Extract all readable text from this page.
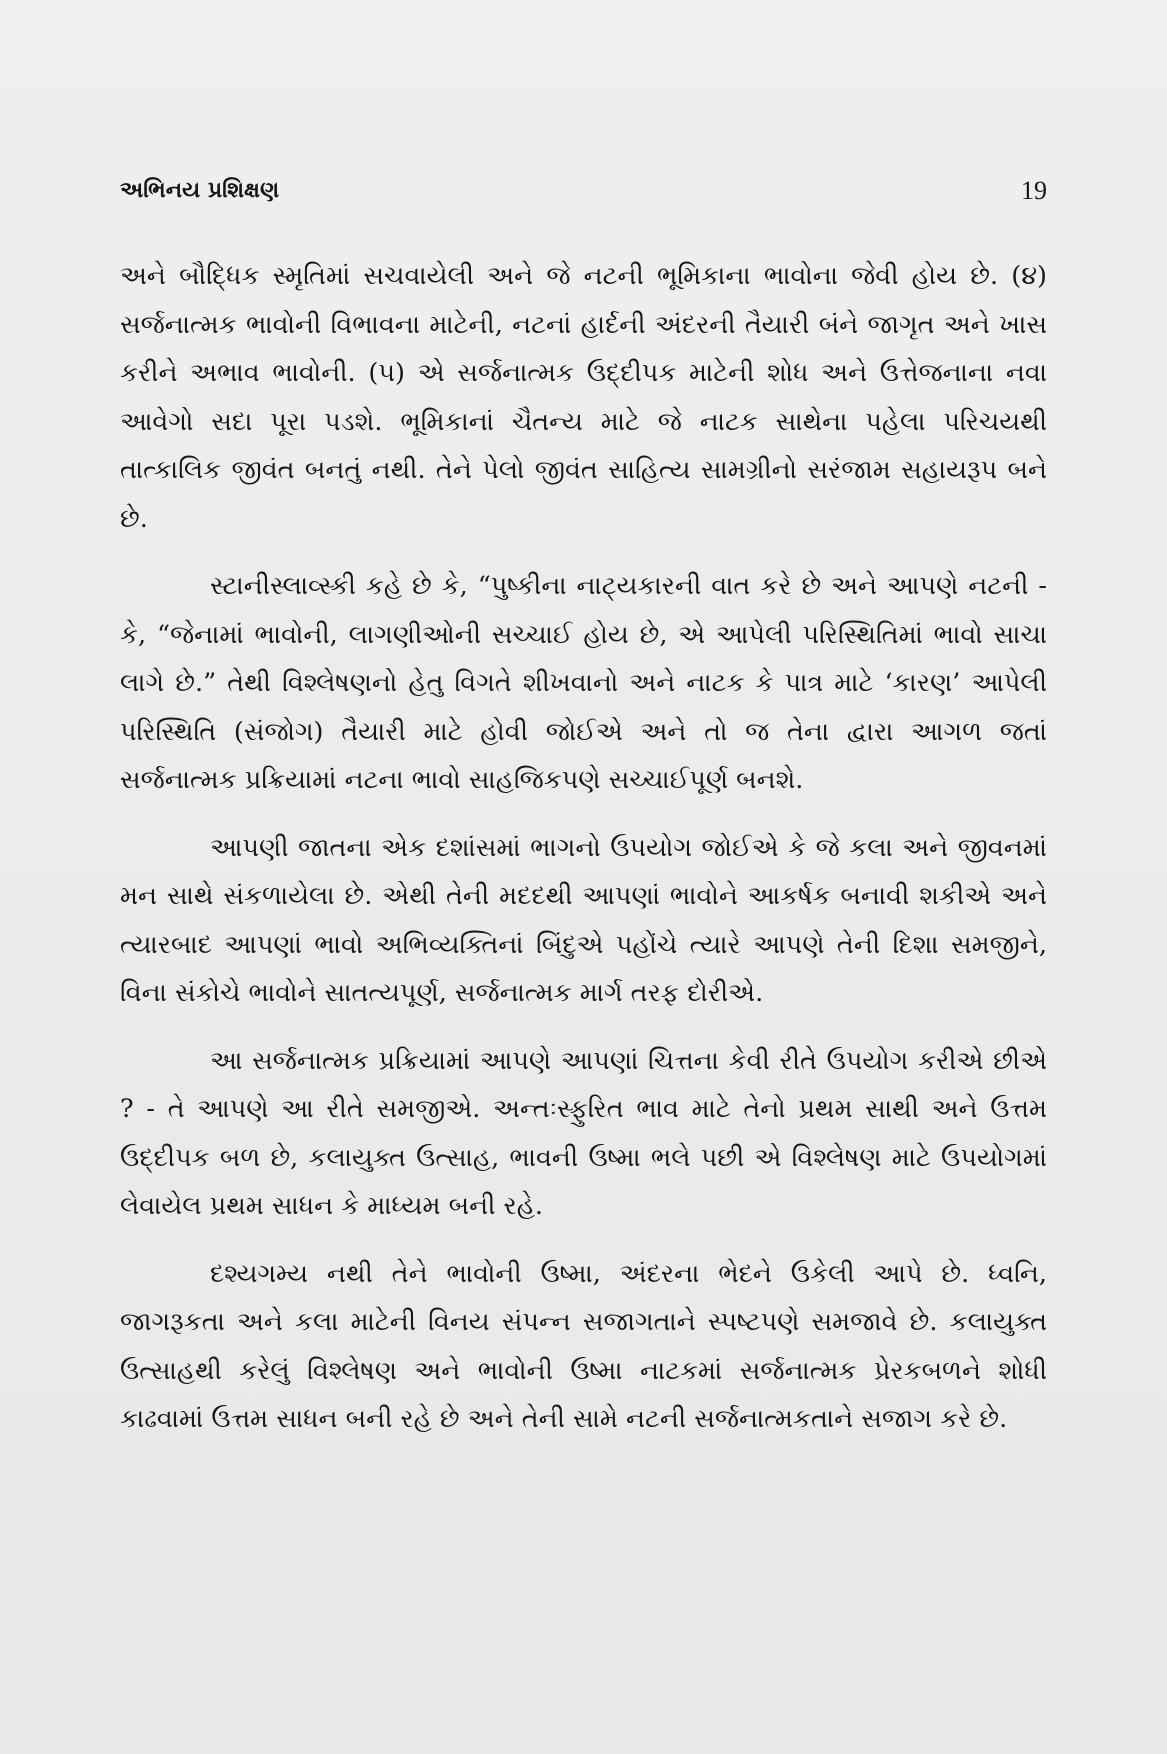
અભિનય પ્રશિક્ષણ	19

અને બૌદ્ધિક સ્મૃતિમાં સચવાયેલી અને જે નટની ભૂમિકાના ભાવોના જેવી હોય છે. (૪) સર્જનાત્મક ભાવોની વિભાવના માટેની, નટનાં હાર્દની અંદરની તૈયારી બંને જાગૃત અને ખાસ કરીને અભાવ ભાવોની. (૫) એ સર્જનાત્મક ઉદ્દીપક માટેની શોધ અને ઉત્તેજનાના નવા આવેગો સદા પૂરા પડશે. ભૂમિકાનાં ચૈતન્ય માટે જે નાટક સાથેના પહેલા પરિચયથી તાત્કાલિક જીવંત બનતું નથી. તેને પેલો જીવંત સાહિત્ય સામગ્રીનો સરંજામ સહાયરૂપ બને છે.

સ્ટાનીસ્લાવ્સ્કી કહે છે કે, “પુષ્કીના નાટ્યકારની વાત કરે છે અને આપણે નટની - કે, “જેનામાં ભાવોની, લાગણીઓની સચ્ચાઈ હોય છે, એ આપેલી પરિસ્થિતિમાં ભાવો સાચા લાગે છે.” તેથી વિશ્લેષણનો હેતુ વિગતે શીખવાનો અને નાટક કે પાત્ર માટે ‘કારણ’ આપેલી પરિસ્થિતિ (સંજોગ) તૈયારી માટે હોવી જોઈએ અને તો જ તેના દ્વારા આગળ જતાં સર્જનાત્મક પ્રક્રિયામાં નટના ભાવો સાહજિકપણે સચ્ચાઈપૂર્ણ બનશે.

આપણી જાતના એક દશાંસમાં ભાગનો ઉપયોગ જોઈએ કે જે કલા અને જીવનમાં મન સાથે સંકળાયેલા છે. એથી તેની મદદથી આપણાં ભાવોને આકર્ષક બનાવી શકીએ અને ત્યારબાદ આપણાં ભાવો અભિવ્યક્તિનાં બિંદુએ પહોંચે ત્યારે આપણે તેની દિશા સમજીને, વિના સંકોચે ભાવોને સાતત્યપૂર્ણ, સર્જનાત્મક માર્ગ તરફ દોરીએ.

આ સર્જનાત્મક પ્રક્રિયામાં આપણે આપણાં ચિત્તના કેવી રીતે ઉપયોગ કરીએ છીએ ? - તે આપણે આ રીતે સમજીએ. અન્તઃસ્ફુરિત ભાવ માટે તેનો પ્રથમ સાથી અને ઉત્તમ ઉદ્દીપક બળ છે, કલાયુક્ત ઉત્સાહ, ભાવની ઉષ્મા ભલે પછી એ વિશ્લેષણ માટે ઉપયોગમાં લેવાયેલ પ્રથમ સાધન કે માધ્યમ બની રહે.

દશ્યગમ્ય નથી તેને ભાવોની ઉષ્મા, અંદરના ભેદને ઉકેલી આપે છે. ધ્વનિ, જાગરૂકતા અને કલા માટેની વિનય સંપન્ન સજાગતાને સ્પષ્ટપણે સમજાવે છે. કલાયુક્ત ઉત્સાહથી કરેલું વિશ્લેષણ અને ભાવોની ઉષ્મા નાટકમાં સર્જનાત્મક પ્રેરકબળને શોધી કાઢવામાં ઉત્તમ સાધન બની રહે છે અને તેની સામે નટની સર્જનાત્મકતાને સજાગ કરે છે.
